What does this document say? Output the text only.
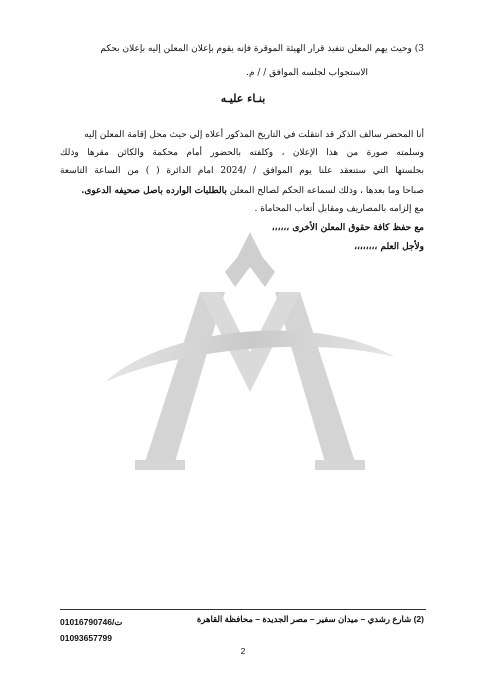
3) وحيث يهم المعلن تنفيذ قرار الهيئة الموقرة فإنه يقوم بإعلان المعلن إليه بإعلان بحكم
الاستجواب لجلسه الموافق / / م.
بنـاء عليـه
أنا المحضر سالف الذكر قد انتقلت في التاريخ المذكور أعلاه إلي حيث محل إقامة المعلن إليه
وسلمته صورة من هذا الإعلان ، وكلفته بالحضور أمام محكمة والكائن مقرها وذلك
بجلستها التي ستنعقد علنا يوم الموافق / /2024 امام الدائرة ( ) من الساعة التاسعة
صباحا وما بعدها ، وذلك لسماعه الحكم لصالح المعلن بالطلبات الوارده باصل صحيفه الدعوى.
مع إلزامه بالمصاريف ومقابل أتعاب المحاماة .
مع حفظ كافة حقوق المعلن الأخرى ،،،،،،
ولأجل العلم ،،،،،،،،
(2) شارع رشدي – ميدان سفير – مصر الجديدة – محافظة القاهرة
ت/01016790746
01093657799
2
